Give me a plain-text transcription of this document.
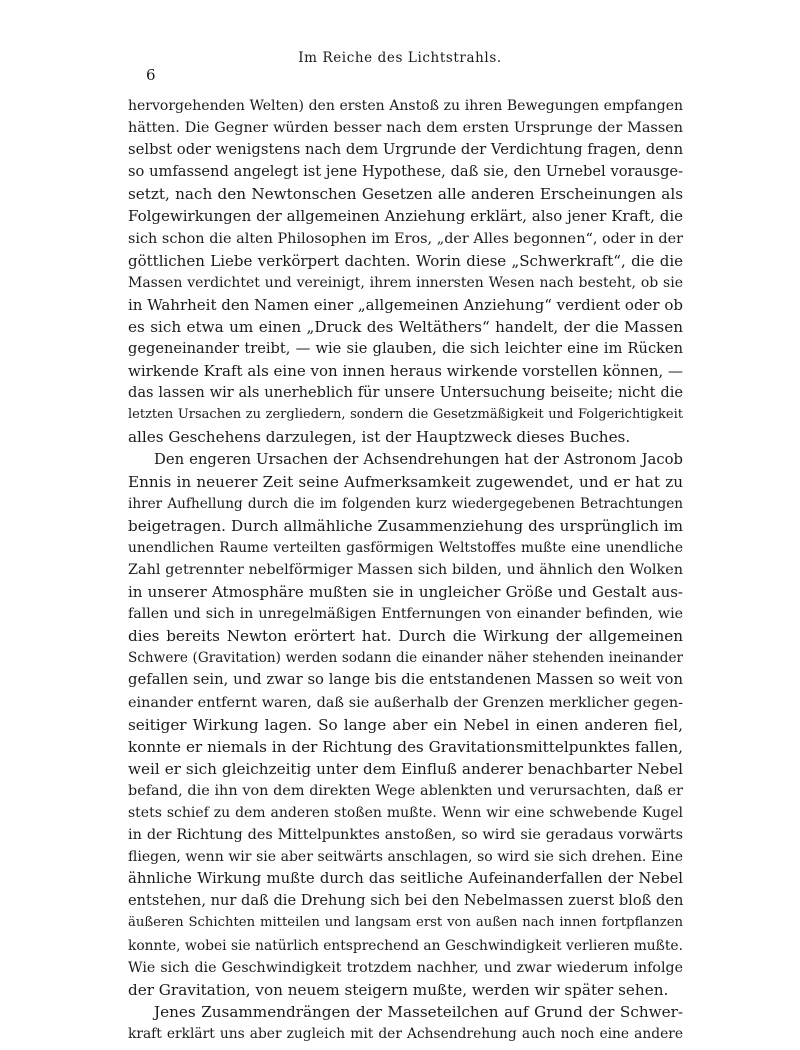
Im Reiche des Lichtstrahls.
6
hervorgehenden Welten) den ersten Anstoß zu ihren Bewegungen empfangen
hätten. Die Gegner würden besser nach dem ersten Ursprunge der Massen
selbst oder wenigstens nach dem Urgrunde der Verdichtung fragen, denn
so umfassend angelegt ist jene Hypothese, daß sie, den Urnebel vorausge-
setzt, nach den Newtonschen Gesetzen alle anderen Erscheinungen als
Folgewirkungen der allgemeinen Anziehung erklärt, also jener Kraft, die
sich schon die alten Philosophen im Eros, „der Alles begonnen“, oder in der
göttlichen Liebe verkörpert dachten. Worin diese „Schwerkraft“, die die
Massen verdichtet und vereinigt, ihrem innersten Wesen nach besteht, ob sie
in Wahrheit den Namen einer „allgemeinen Anziehung“ verdient oder ob
es sich etwa um einen „Druck des Weltäthers“ handelt, der die Massen
gegeneinander treibt, — wie sie glauben, die sich leichter eine im Rücken
wirkende Kraft als eine von innen heraus wirkende vorstellen können, —
das lassen wir als unerheblich für unsere Untersuchung beiseite; nicht die
letzten Ursachen zu zergliedern, sondern die Gesetzmäßigkeit und Folgerichtigkeit
alles Geschehens darzulegen, ist der Hauptzweck dieses Buches.
Den engeren Ursachen der Achsendrehungen hat der Astronom Jacob
Ennis in neuerer Zeit seine Aufmerksamkeit zugewendet, und er hat zu
ihrer Aufhellung durch die im folgenden kurz wiedergegebenen Betrachtungen
beigetragen. Durch allmähliche Zusammenziehung des ursprünglich im
unendlichen Raume verteilten gasförmigen Weltstoffes mußte eine unendliche
Zahl getrennter nebelförmiger Massen sich bilden, und ähnlich den Wolken
in unserer Atmosphäre mußten sie in ungleicher Größe und Gestalt aus-
fallen und sich in unregelmäßigen Entfernungen von einander befinden, wie
dies bereits Newton erörtert hat. Durch die Wirkung der allgemeinen
Schwere (Gravitation) werden sodann die einander näher stehenden ineinander
gefallen sein, und zwar so lange bis die entstandenen Massen so weit von
einander entfernt waren, daß sie außerhalb der Grenzen merklicher gegen-
seitiger Wirkung lagen. So lange aber ein Nebel in einen anderen fiel,
konnte er niemals in der Richtung des Gravitationsmittelpunktes fallen,
weil er sich gleichzeitig unter dem Einfluß anderer benachbarter Nebel
befand, die ihn von dem direkten Wege ablenkten und verursachten, daß er
stets schief zu dem anderen stoßen mußte. Wenn wir eine schwebende Kugel
in der Richtung des Mittelpunktes anstoßen, so wird sie geradaus vorwärts
fliegen, wenn wir sie aber seitwärts anschlagen, so wird sie sich drehen. Eine
ähnliche Wirkung mußte durch das seitliche Aufeinanderfallen der Nebel
entstehen, nur daß die Drehung sich bei den Nebelmassen zuerst bloß den
äußeren Schichten mitteilen und langsam erst von außen nach innen fortpflanzen
konnte, wobei sie natürlich entsprechend an Geschwindigkeit verlieren mußte.
Wie sich die Geschwindigkeit trotzdem nachher, und zwar wiederum infolge
der Gravitation, von neuem steigern mußte, werden wir später sehen.
Jenes Zusammendrängen der Masseteilchen auf Grund der Schwer-
kraft erklärt uns aber zugleich mit der Achsendrehung auch noch eine andere
